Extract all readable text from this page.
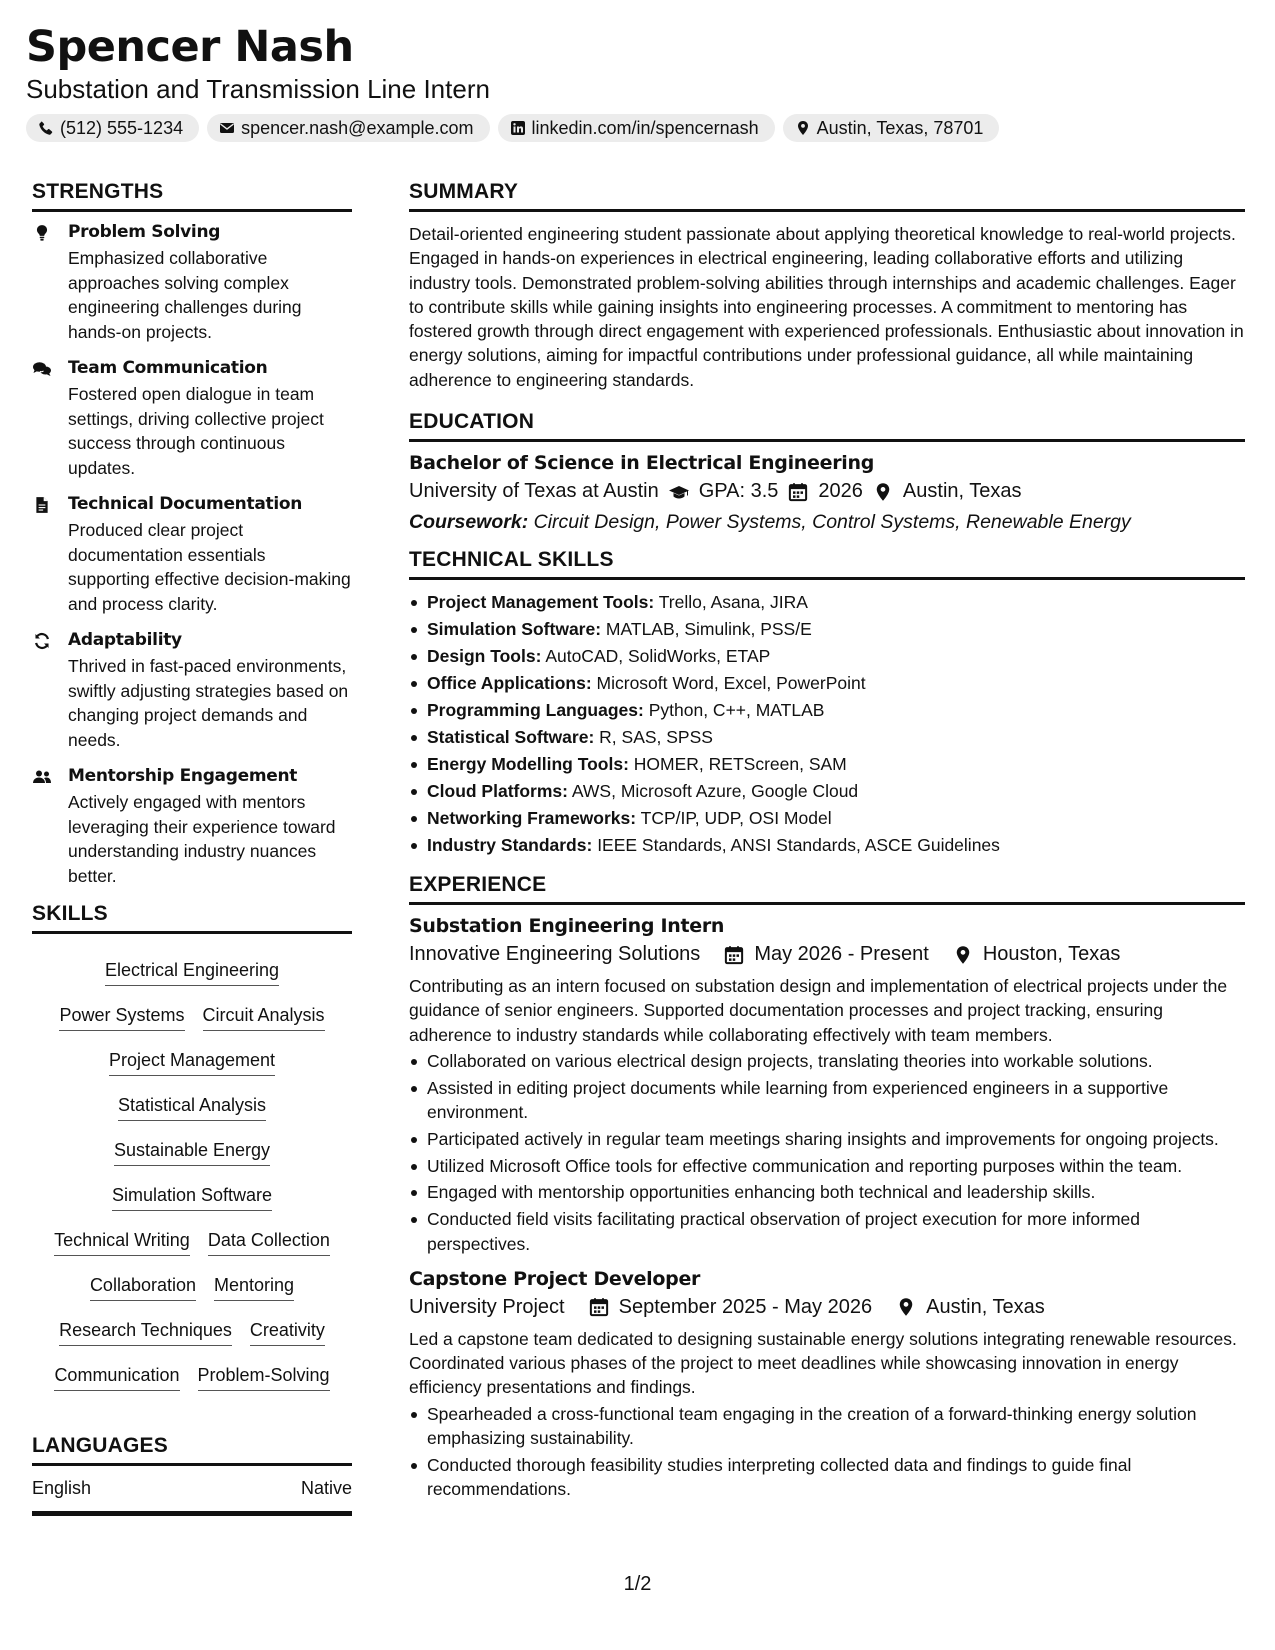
Spencer Nash
Substation and Transmission Line Intern
(512) 555-1234	spencer.nash@example.com	linkedin.com/in/spencernash	Austin, Texas, 78701
STRENGTHS
Problem Solving
Emphasized collaborative approaches solving complex engineering challenges during hands-on projects.
Team Communication
Fostered open dialogue in team settings, driving collective project success through continuous updates.
Technical Documentation
Produced clear project documentation essentials supporting effective decision-making and process clarity.
Adaptability
Thrived in fast-paced environments, swiftly adjusting strategies based on changing project demands and needs.
Mentorship Engagement
Actively engaged with mentors leveraging their experience toward understanding industry nuances better.
SKILLS
Electrical Engineering
Power Systems Circuit Analysis
Project Management
Statistical Analysis
Sustainable Energy
Simulation Software
Technical Writing Data Collection
Collaboration Mentoring
Research Techniques Creativity
Communication Problem-Solving
LANGUAGES
English	Native
SUMMARY
Detail-oriented engineering student passionate about applying theoretical knowledge to real-world projects. Engaged in hands-on experiences in electrical engineering, leading collaborative efforts and utilizing industry tools. Demonstrated problem-solving abilities through internships and academic challenges. Eager to contribute skills while gaining insights into engineering processes. A commitment to mentoring has fostered growth through direct engagement with experienced professionals. Enthusiastic about innovation in energy solutions, aiming for impactful contributions under professional guidance, all while maintaining adherence to engineering standards.
EDUCATION
Bachelor of Science in Electrical Engineering
University of Texas at Austin GPA: 3.5 2026 Austin, Texas
Coursework: Circuit Design, Power Systems, Control Systems, Renewable Energy
TECHNICAL SKILLS
Project Management Tools: Trello, Asana, JIRA
Simulation Software: MATLAB, Simulink, PSS/E
Design Tools: AutoCAD, SolidWorks, ETAP
Office Applications: Microsoft Word, Excel, PowerPoint
Programming Languages: Python, C++, MATLAB
Statistical Software: R, SAS, SPSS
Energy Modelling Tools: HOMER, RETScreen, SAM
Cloud Platforms: AWS, Microsoft Azure, Google Cloud
Networking Frameworks: TCP/IP, UDP, OSI Model
Industry Standards: IEEE Standards, ANSI Standards, ASCE Guidelines
EXPERIENCE
Substation Engineering Intern
Innovative Engineering Solutions	May 2026 - Present	Houston, Texas
Contributing as an intern focused on substation design and implementation of electrical projects under the guidance of senior engineers. Supported documentation processes and project tracking, ensuring adherence to industry standards while collaborating effectively with team members.
Collaborated on various electrical design projects, translating theories into workable solutions.
Assisted in editing project documents while learning from experienced engineers in a supportive environment.
Participated actively in regular team meetings sharing insights and improvements for ongoing projects.
Utilized Microsoft Office tools for effective communication and reporting purposes within the team.
Engaged with mentorship opportunities enhancing both technical and leadership skills.
Conducted field visits facilitating practical observation of project execution for more informed perspectives.
Capstone Project Developer
University Project	September 2025 - May 2026	Austin, Texas
Led a capstone team dedicated to designing sustainable energy solutions integrating renewable resources. Coordinated various phases of the project to meet deadlines while showcasing innovation in energy efficiency presentations and findings.
Spearheaded a cross-functional team engaging in the creation of a forward-thinking energy solution emphasizing sustainability.
Conducted thorough feasibility studies interpreting collected data and findings to guide final recommendations.
1/2
